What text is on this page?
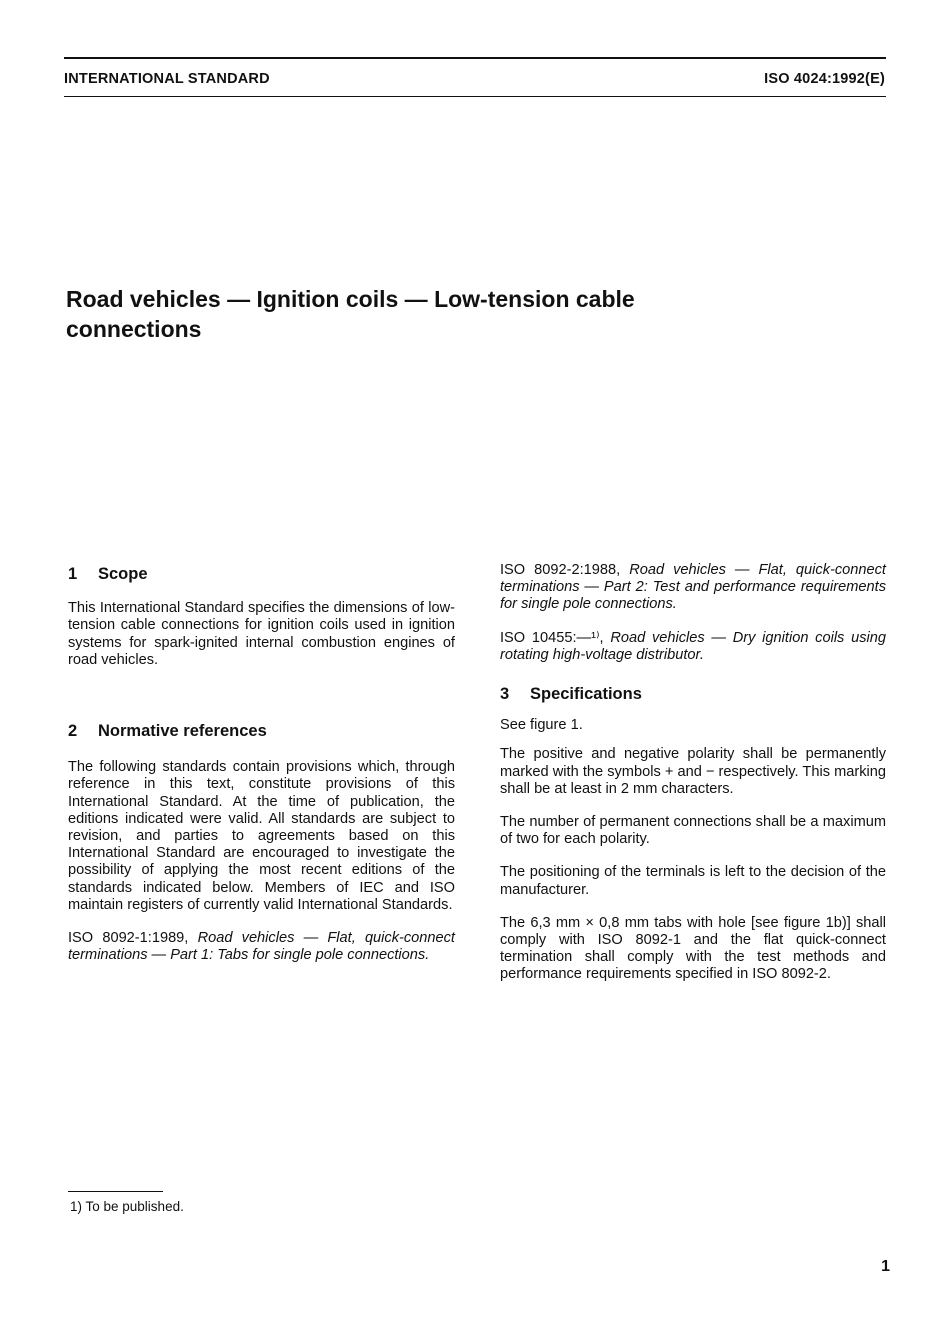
INTERNATIONAL STANDARD	ISO 4024:1992(E)
Road vehicles — Ignition coils — Low-tension cable
connections
1 Scope

This International Standard specifies the dimensions of low-tension cable connections for ignition coils used in ignition systems for spark-ignited internal combustion engines of road vehicles.

2 Normative references

The following standards contain provisions which, through reference in this text, constitute provisions of this International Standard. At the time of publication, the editions indicated were valid. All standards are subject to revision, and parties to agreements based on this International Standard are encouraged to investigate the possibility of applying the most recent editions of the standards indicated below. Members of IEC and ISO maintain registers of currently valid International Standards.

ISO 8092-1:1989, Road vehicles — Flat, quick-connect terminations — Part 1: Tabs for single pole connections.

ISO 8092-2:1988, Road vehicles — Flat, quick-connect terminations — Part 2: Test and performance requirements for single pole connections.

ISO 10455:—¹⁾, Road vehicles — Dry ignition coils using rotating high-voltage distributor.

3 Specifications

See figure 1.

The positive and negative polarity shall be permanently marked with the symbols + and − respectively. This marking shall be at least in 2 mm characters.

The number of permanent connections shall be a maximum of two for each polarity.

The positioning of the terminals is left to the decision of the manufacturer.

The 6,3 mm × 0,8 mm tabs with hole [see figure 1b)] shall comply with ISO 8092-1 and the flat quick-connect termination shall comply with the test methods and performance requirements specified in ISO 8092-2.

1) To be published.
1
